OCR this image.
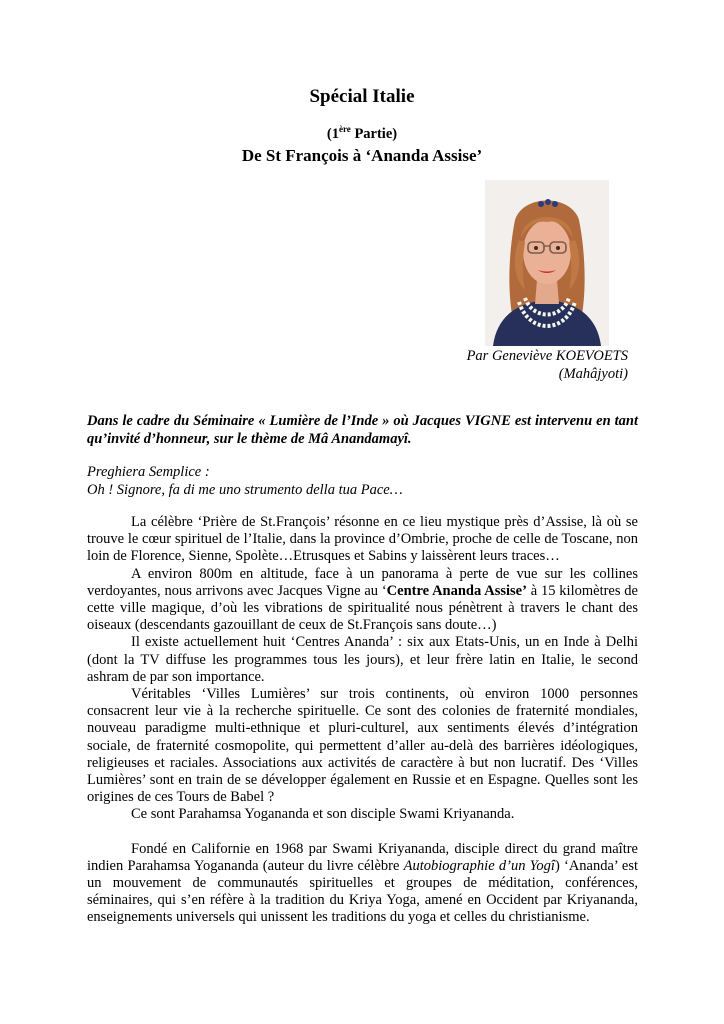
Spécial Italie
(1ère Partie)
De St François à ‘Ananda Assise’
Par Geneviève KOEVOETS
(Mahâjyoti)
Dans le cadre du Séminaire « Lumière de l’Inde » où Jacques VIGNE est intervenu en tant qu’invité d’honneur, sur le thème de Mâ Anandamayî.
Preghiera Semplice :
Oh ! Signore, fa di me uno strumento della tua Pace…

La célèbre ‘Prière de St.François’ résonne en ce lieu mystique près d’Assise, là où se trouve le cœur spirituel de l’Italie, dans la province d’Ombrie, proche de celle de Toscane, non loin de Florence, Sienne, Spolète…Etrusques et Sabins y laissèrent leurs traces…

A environ 800m en altitude, face à un panorama à perte de vue sur les collines verdoyantes, nous arrivons avec Jacques Vigne au ‘Centre Ananda Assise’ à 15 kilomètres de cette ville magique, d’où les vibrations de spiritualité nous pénètrent à travers le chant des oiseaux (descendants gazouillant de ceux de St.François sans doute…)

Il existe actuellement huit ‘Centres Ananda’ : six aux Etats-Unis, un en Inde à Delhi (dont la TV diffuse les programmes tous les jours), et leur frère latin en Italie, le second ashram de par son importance.

Véritables ‘Villes Lumières’ sur trois continents, où environ 1000 personnes consacrent leur vie à la recherche spirituelle. Ce sont des colonies de fraternité mondiales, nouveau paradigme multi-ethnique et pluri-culturel, aux sentiments élevés d’intégration sociale, de fraternité cosmopolite, qui permettent d’aller au-delà des barrières idéologiques, religieuses et raciales. Associations aux activités de caractère à but non lucratif. Des ‘Villes Lumières’ sont en train de se développer également en Russie et en Espagne. Quelles sont les origines de ces Tours de Babel ?

Ce sont Parahamsa Yogananda et son disciple Swami Kriyananda.

Fondé en Californie en 1968 par Swami Kriyananda, disciple direct du grand maître indien Parahamsa Yogananda (auteur du livre célèbre Autobiographie d’un Yogî) ‘Ananda’ est un mouvement de communautés spirituelles et groupes de méditation, conférences, séminaires, qui s’en réfère à la tradition du Kriya Yoga, amené en Occident par Kriyananda, enseignements universels qui unissent les traditions du yoga et celles du christianisme.
